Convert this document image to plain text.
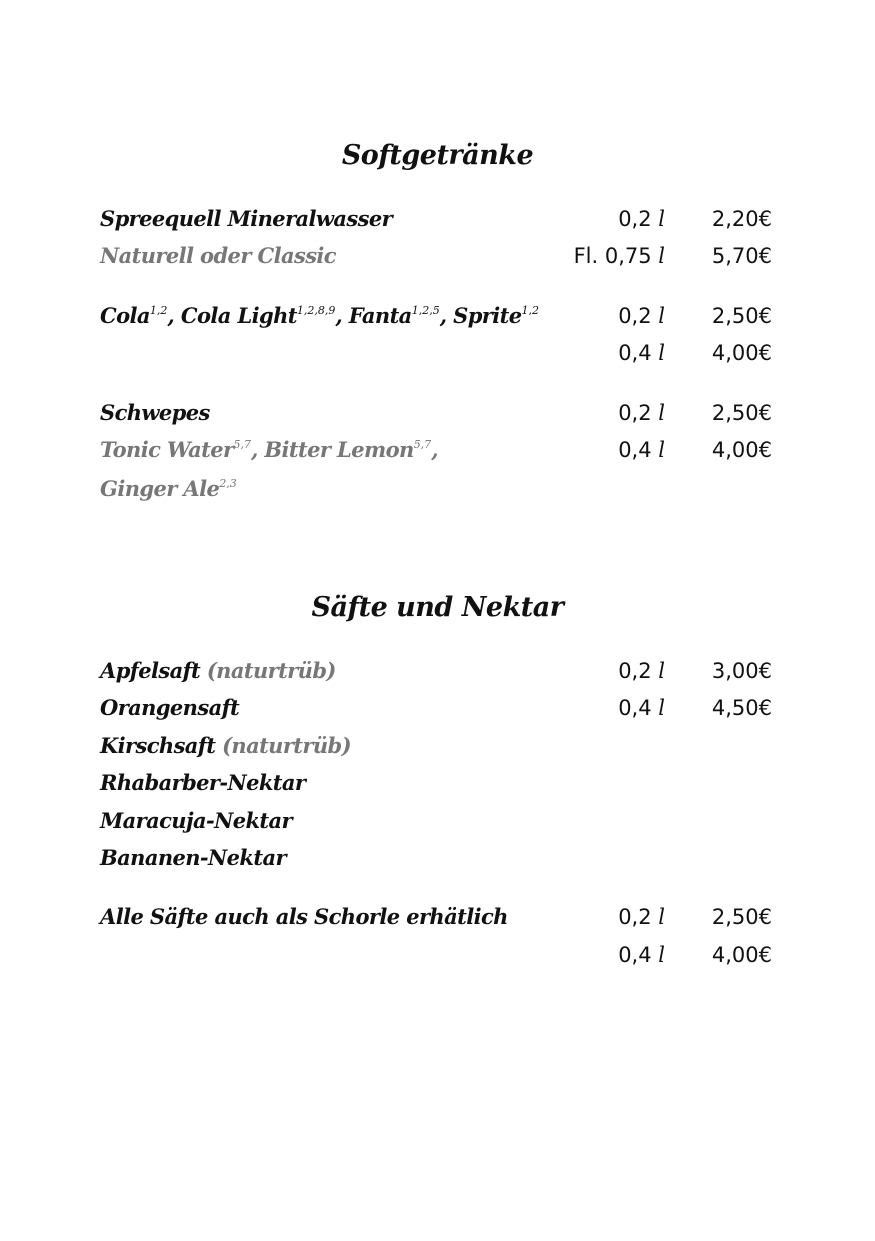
Softgetränke
Spreequell Mineralwasser	0,2 l 2,20€
Naturell oder Classic	Fl. 0,75 l 5,70€
Cola$^{1,2}$, Cola Light$^{1,2,8,9}$, Fanta$^{1,2,5}$, Sprite$^{1,2}$	0,2 l 2,50€
0,4 l 4,00€
Schwepes	0,2 l 2,50€
Tonic Water$^{5,7}$, Bitter Lemon$^{5,7}$,	0,4 l 4,00€
Ginger Ale$^{2,3}$
Säfte und Nektar
Apfelsaft (naturtrüb)	0,2 l 3,00€
Orangensaft	0,4 l 4,50€
Kirschsaft (naturtrüb)
Rhabarber-Nektar
Maracuja-Nektar
Bananen-Nektar
Alle Säfte auch als Schorle erhätlich	0,2 l 2,50€
0,4 l 4,00€
